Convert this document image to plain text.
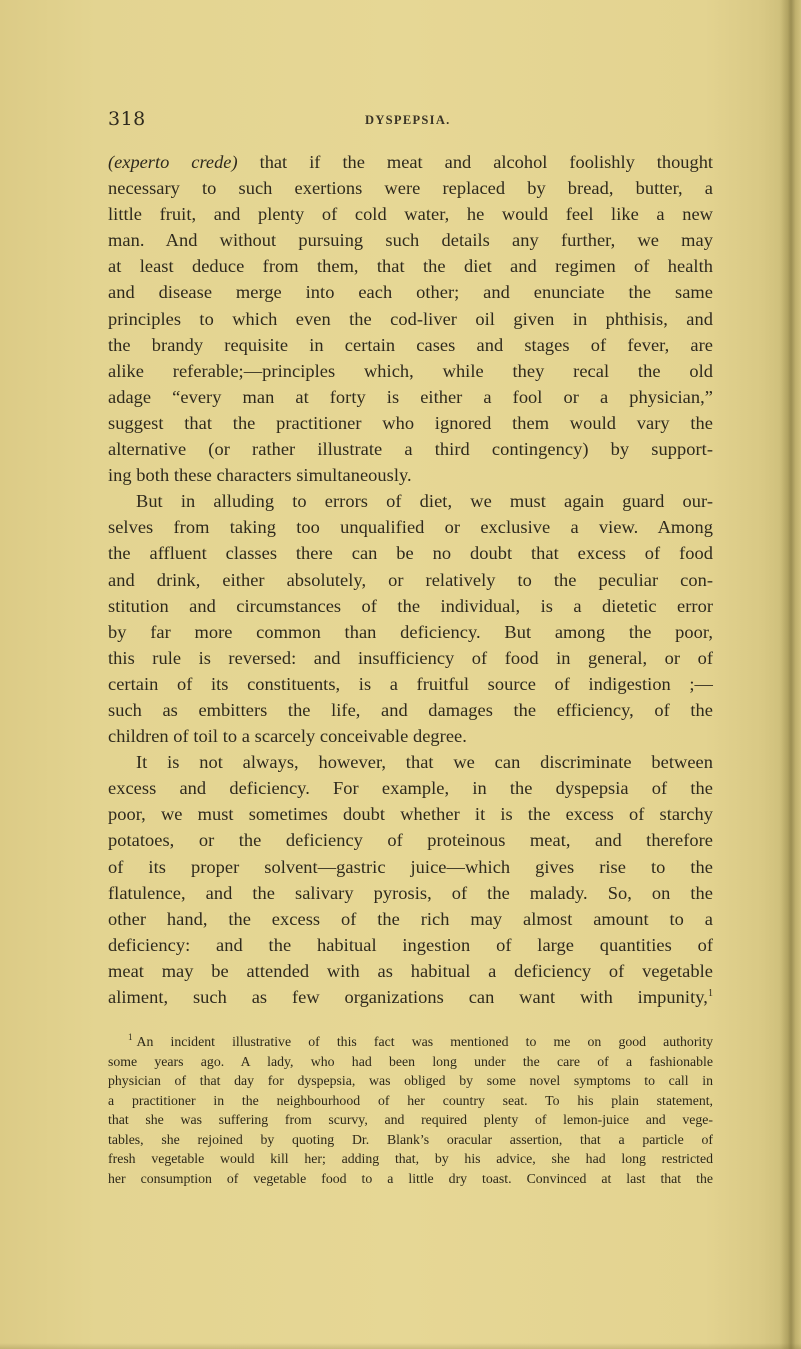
318	DYSPEPSIA.
(experto crede) that if the meat and alcohol foolishly thought
necessary to such exertions were replaced by bread, butter, a
little fruit, and plenty of cold water, he would feel like a new
man. And without pursuing such details any further, we may
at least deduce from them, that the diet and regimen of health
and disease merge into each other; and enunciate the same
principles to which even the cod-liver oil given in phthisis, and
the brandy requisite in certain cases and stages of fever, are
alike referable;—principles which, while they recal the old
adage “every man at forty is either a fool or a physician,”
suggest that the practitioner who ignored them would vary the
alternative (or rather illustrate a third contingency) by support-
ing both these characters simultaneously.
But in alluding to errors of diet, we must again guard our-
selves from taking too unqualified or exclusive a view. Among
the affluent classes there can be no doubt that excess of food
and drink, either absolutely, or relatively to the peculiar con-
stitution and circumstances of the individual, is a dietetic error
by far more common than deficiency. But among the poor,
this rule is reversed: and insufficiency of food in general, or of
certain of its constituents, is a fruitful source of indigestion ;—
such as embitters the life, and damages the efficiency, of the
children of toil to a scarcely conceivable degree.
It is not always, however, that we can discriminate between
excess and deficiency. For example, in the dyspepsia of the
poor, we must sometimes doubt whether it is the excess of starchy
potatoes, or the deficiency of proteinous meat, and therefore
of its proper solvent—gastric juice—which gives rise to the
flatulence, and the salivary pyrosis, of the malady. So, on the
other hand, the excess of the rich may almost amount to a
deficiency: and the habitual ingestion of large quantities of
meat may be attended with as habitual a deficiency of vegetable
aliment, such as few organizations can want with impunity,$^1$
$^1$ An incident illustrative of this fact was mentioned to me on good authority
some years ago. A lady, who had been long under the care of a fashionable
physician of that day for dyspepsia, was obliged by some novel symptoms to call in
a practitioner in the neighbourhood of her country seat. To his plain statement,
that she was suffering from scurvy, and required plenty of lemon-juice and vege-
tables, she rejoined by quoting Dr. Blank’s oracular assertion, that a particle of
fresh vegetable would kill her; adding that, by his advice, she had long restricted
her consumption of vegetable food to a little dry toast. Convinced at last that the
